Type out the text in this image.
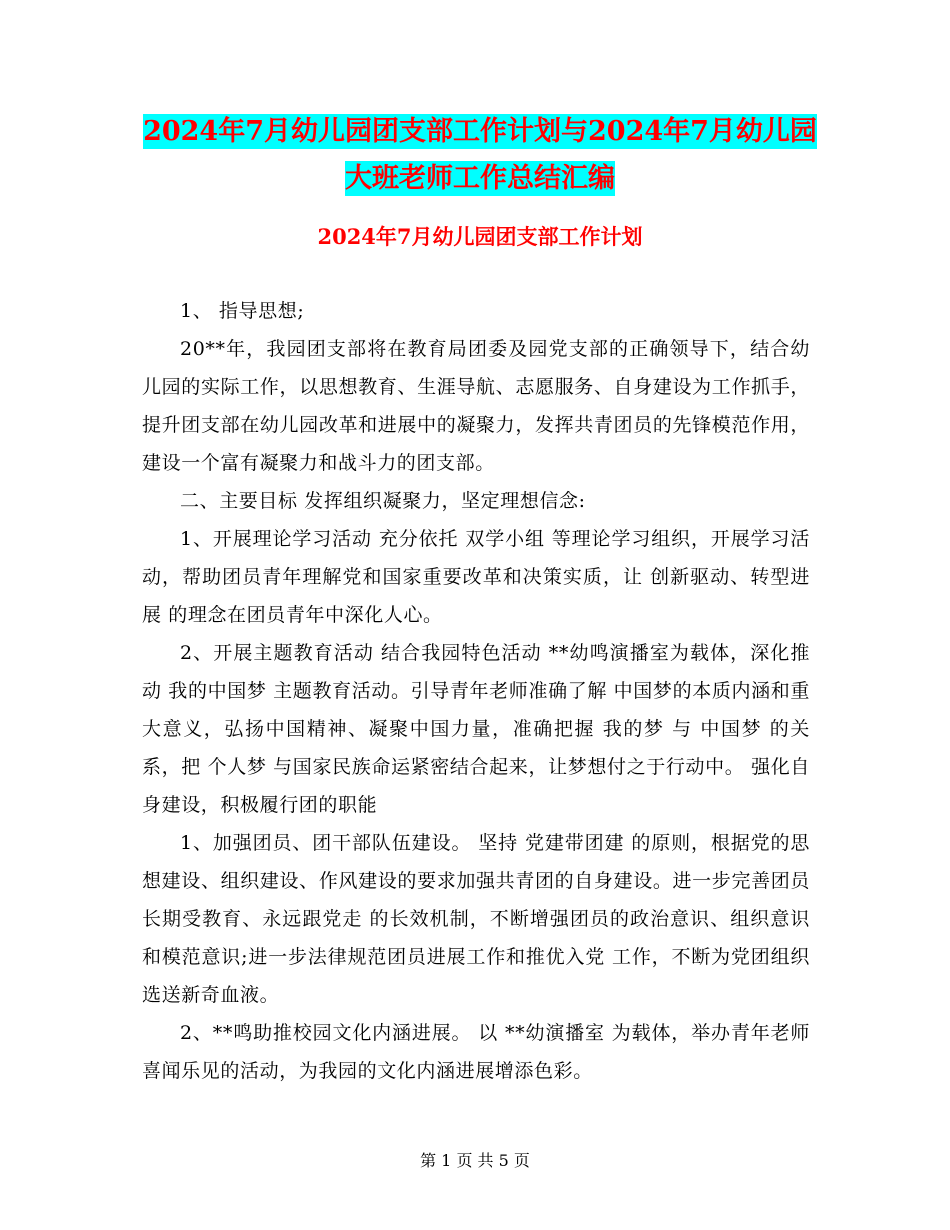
2024年7月幼儿园团支部工作计划与2024年7月幼儿园大班老师工作总结汇编
2024年7月幼儿园团支部工作计划

1、 指导思想;

20**年，我园团支部将在教育局团委及园党支部的正确领导下，结合幼儿园的实际工作，以思想教育、生涯导航、志愿服务、自身建设为工作抓手，提升团支部在幼儿园改革和进展中的凝聚力，发挥共青团员的先锋模范作用，建设一个富有凝聚力和战斗力的团支部。

二、主要目标 发挥组织凝聚力，坚定理想信念:

1、开展理论学习活动 充分依托 双学小组 等理论学习组织，开展学习活动，帮助团员青年理解党和国家重要改革和决策实质，让 创新驱动、转型进展 的理念在团员青年中深化人心。

2、开展主题教育活动 结合我园特色活动 **幼鸣演播室为载体，深化推动 我的中国梦 主题教育活动。引导青年老师准确了解 中国梦的本质内涵和重大意义，弘扬中国精神、凝聚中国力量，准确把握 我的梦 与 中国梦 的关系，把 个人梦 与国家民族命运紧密结合起来，让梦想付之于行动中。 强化自身建设，积极履行团的职能

1、加强团员、团干部队伍建设。 坚持 党建带团建 的原则，根据党的思想建设、组织建设、作风建设的要求加强共青团的自身建设。进一步完善团员 长期受教育、永远跟党走 的长效机制，不断增强团员的政治意识、组织意识和模范意识;进一步法律规范团员进展工作和推优入党 工作，不断为党团组织选送新奇血液。

2、**鸣助推校园文化内涵进展。 以 **幼演播室 为载体，举办青年老师喜闻乐见的活动，为我园的文化内涵进展增添色彩。

第 1 页 共 5 页
